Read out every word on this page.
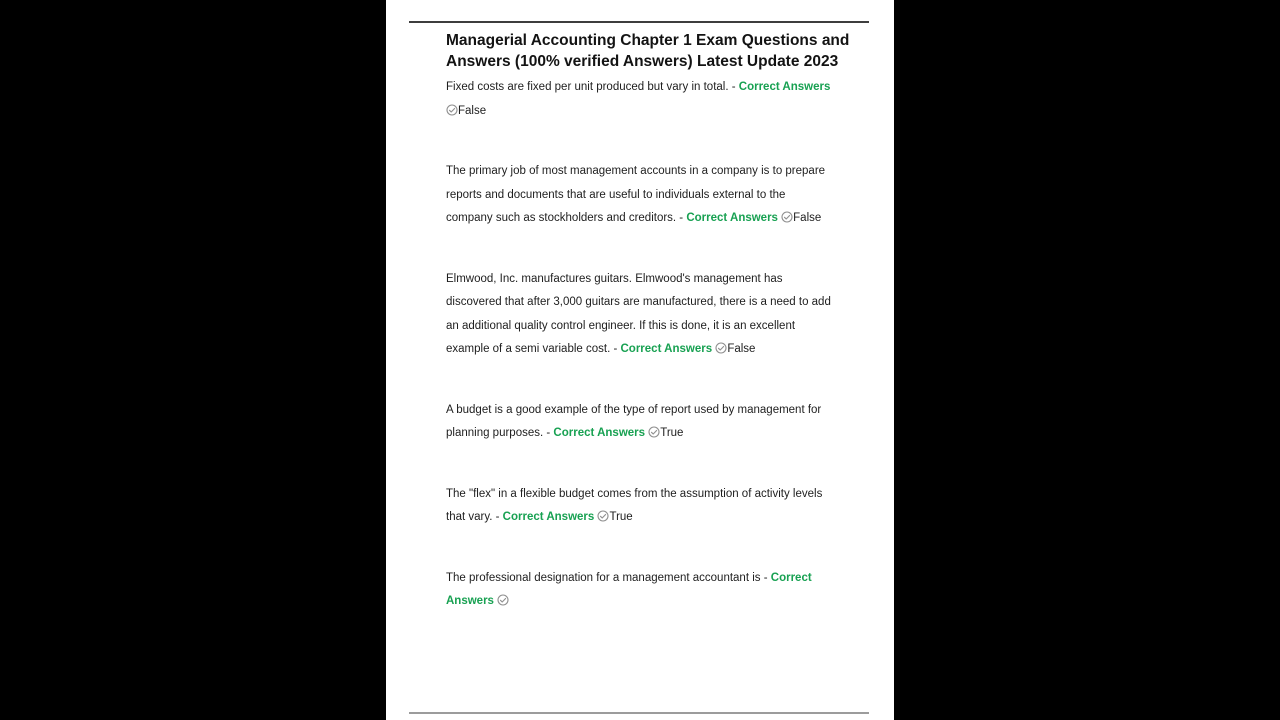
Managerial Accounting Chapter 1 Exam Questions and
Answers (100% verified Answers) Latest Update 2023

Fixed costs are fixed per unit produced but vary in total. - Correct Answers
False

The primary job of most management accounts in a company is to prepare
reports and documents that are useful to individuals external to the
company such as stockholders and creditors. - Correct Answers False

Elmwood, Inc. manufactures guitars. Elmwood's management has
discovered that after 3,000 guitars are manufactured, there is a need to add
an additional quality control engineer. If this is done, it is an excellent
example of a semi variable cost. - Correct Answers False

A budget is a good example of the type of report used by management for
planning purposes. - Correct Answers True

The "flex" in a flexible budget comes from the assumption of activity levels
that vary. - Correct Answers True

The professional designation for a management accountant is - Correct
Answers
